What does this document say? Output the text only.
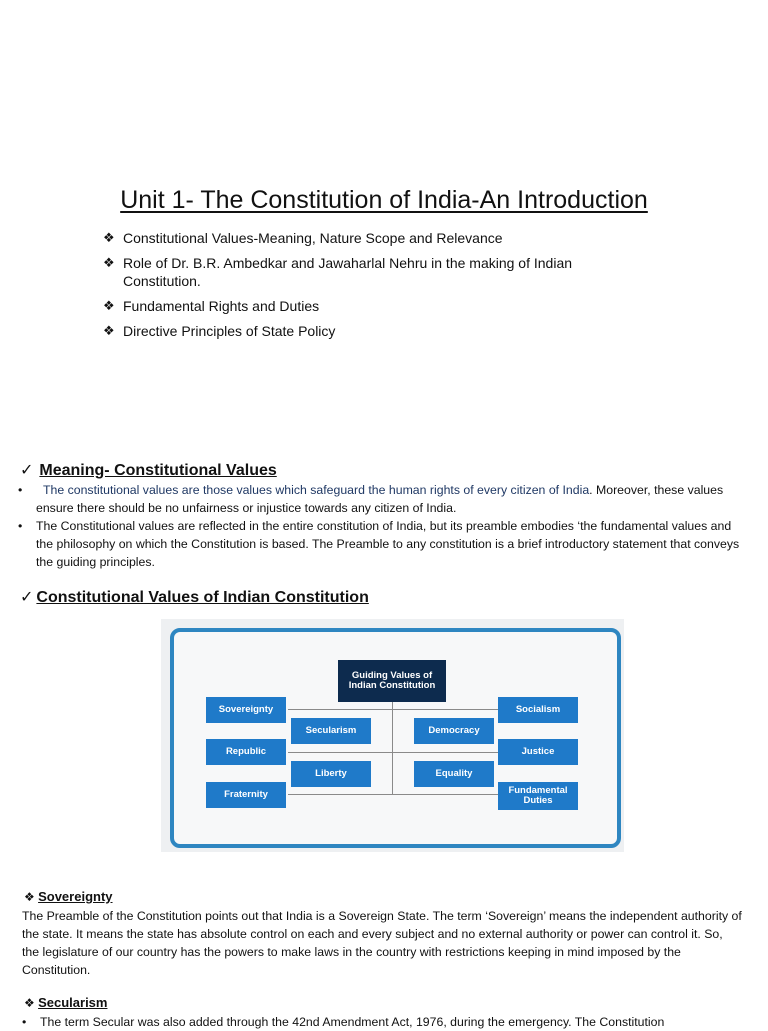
Unit 1- The Constitution of India-An Introduction
❖ Constitutional Values-Meaning, Nature Scope and Relevance
❖ Role of Dr. B.R. Ambedkar and Jawaharlal Nehru in the making of Indian Constitution.
❖ Fundamental Rights and Duties
❖ Directive Principles of State Policy
✓ Meaning- Constitutional Values
• The constitutional values are those values which safeguard the human rights of every citizen of India. Moreover, these values ensure there should be no unfairness or injustice towards any citizen of India.
• The Constitutional values are reflected in the entire constitution of India, but its preamble embodies ‘the fundamental values and the philosophy on which the Constitution is based. The Preamble to any constitution is a brief introductory statement that conveys the guiding principles.
✓ Constitutional Values of Indian Constitution
Guiding Values of Indian Constitution
Sovereignty
Republic
Fraternity
Secularism
Liberty
Democracy
Equality
Socialism
Justice
Fundamental Duties
❖ Sovereignty
The Preamble of the Constitution points out that India is a Sovereign State. The term ‘Sovereign’ means the independent authority of the state. It means the state has absolute control on each and every subject and no external authority or power can control it. So, the legislature of our country has the powers to make laws in the country with restrictions keeping in mind imposed by the Constitution.
❖ Secularism
• The term Secular was also added through the 42nd Amendment Act, 1976, during the emergency. The Constitution
